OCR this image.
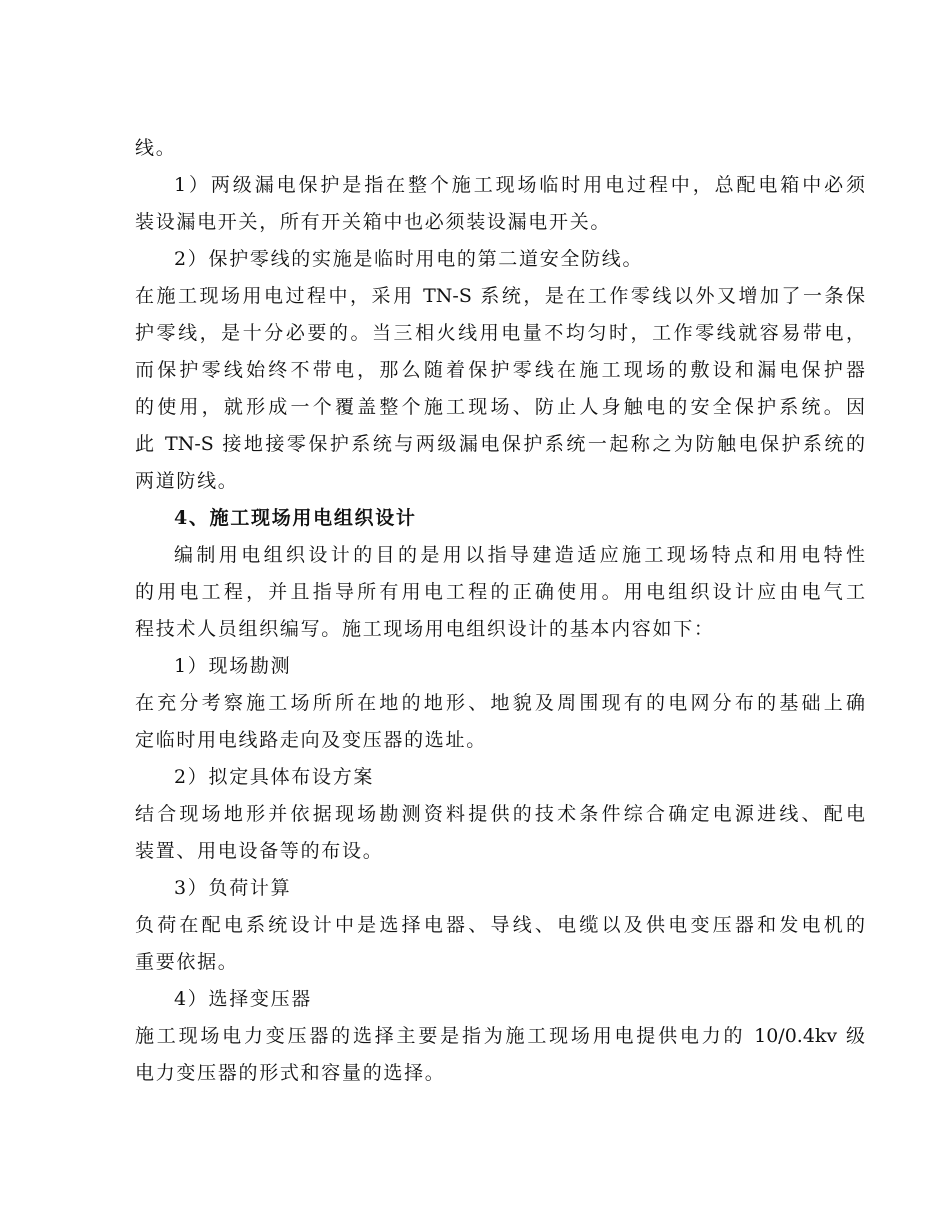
线。
1）两级漏电保护是指在整个施工现场临时用电过程中，总配电箱中必须
装设漏电开关，所有开关箱中也必须装设漏电开关。
2）保护零线的实施是临时用电的第二道安全防线。
在施工现场用电过程中，采用 TN-S 系统，是在工作零线以外又增加了一条保
护零线，是十分必要的。当三相火线用电量不均匀时，工作零线就容易带电，
而保护零线始终不带电，那么随着保护零线在施工现场的敷设和漏电保护器
的使用，就形成一个覆盖整个施工现场、防止人身触电的安全保护系统。因
此 TN-S 接地接零保护系统与两级漏电保护系统一起称之为防触电保护系统的
两道防线。
4、施工现场用电组织设计
编制用电组织设计的目的是用以指导建造适应施工现场特点和用电特性
的用电工程，并且指导所有用电工程的正确使用。用电组织设计应由电气工
程技术人员组织编写。施工现场用电组织设计的基本内容如下：
1）现场勘测
在充分考察施工场所所在地的地形、地貌及周围现有的电网分布的基础上确
定临时用电线路走向及变压器的选址。
2）拟定具体布设方案
结合现场地形并依据现场勘测资料提供的技术条件综合确定电源进线、配电
装置、用电设备等的布设。
3）负荷计算
负荷在配电系统设计中是选择电器、导线、电缆以及供电变压器和发电机的
重要依据。
4）选择变压器
施工现场电力变压器的选择主要是指为施工现场用电提供电力的 10/0.4kv 级
电力变压器的形式和容量的选择。
